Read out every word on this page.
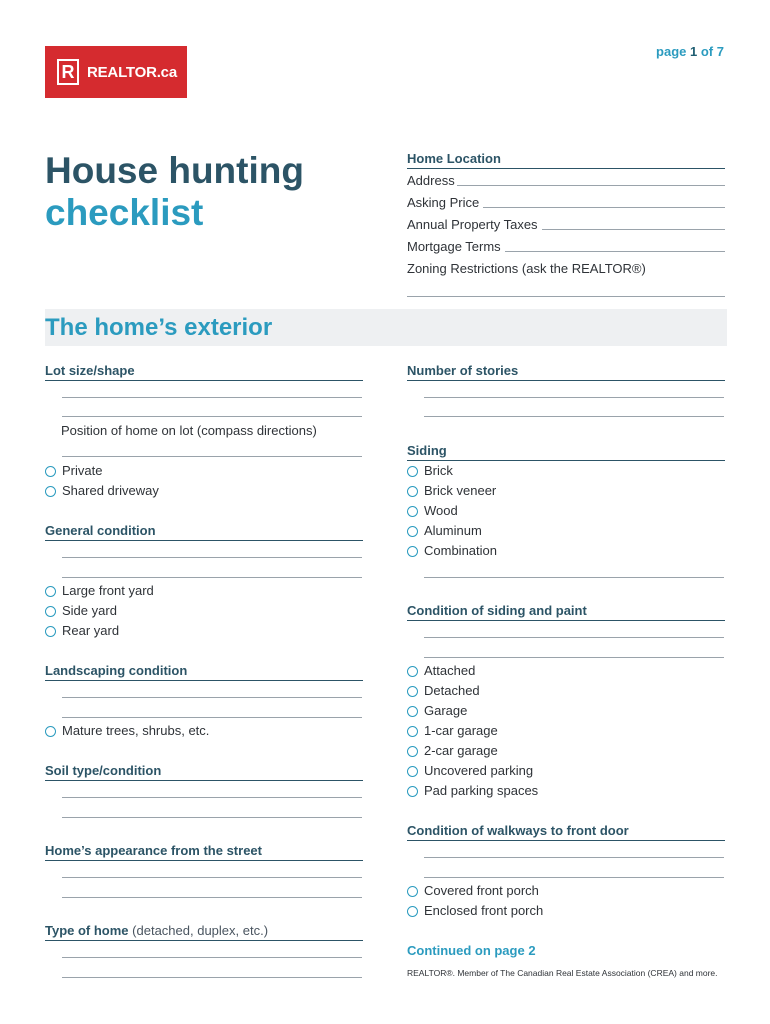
R REALTOR.ca
page 1 of 7
House hunting
checklist
Home Location
Address
Asking Price
Annual Property Taxes
Mortgage Terms
Zoning Restrictions (ask the REALTOR®)
The home’s exterior
Lot size/shape
Position of home on lot (compass directions)
Private
Shared driveway
General condition
Large front yard
Side yard
Rear yard
Landscaping condition
Mature trees, shrubs, etc.
Soil type/condition
Home’s appearance from the street
Type of home (detached, duplex, etc.)
Number of stories
Siding
Brick
Brick veneer
Wood
Aluminum
Combination
Condition of siding and paint
Attached
Detached
Garage
1-car garage
2-car garage
Uncovered parking
Pad parking spaces
Condition of walkways to front door
Covered front porch
Enclosed front porch
Continued on page 2
REALTOR®. Member of The Canadian Real Estate Association (CREA) and more.
